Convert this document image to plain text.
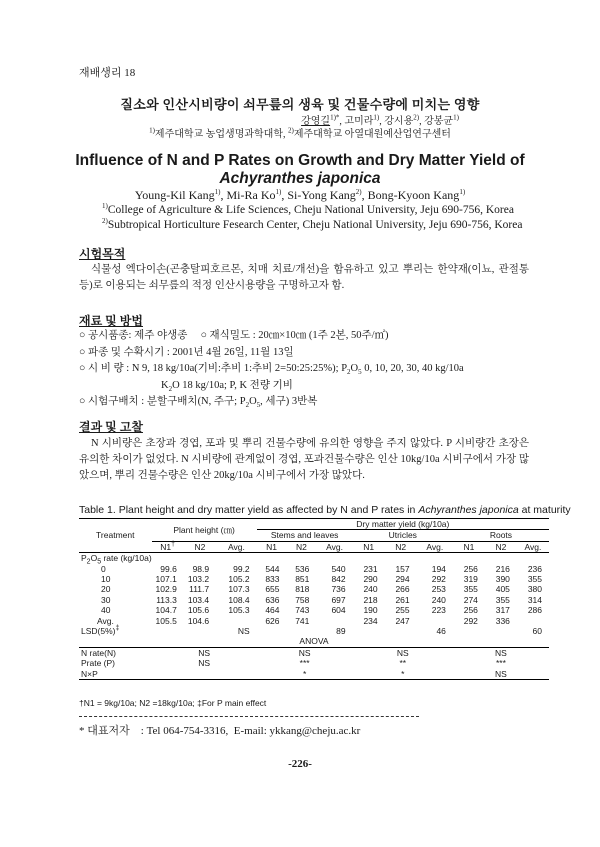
재배생리 18
질소와 인산시비량이 쇠무릎의 생육 및 건물수량에 미치는 영향
강영길$^{1)*}$, 고미라$^{1)}$, 강시용$^{2)}$, 강봉균$^{1)}$
$^{1)}$제주대학교 농업생명과학대학, $^{2)}$제주대학교 아열대원예산업연구센터
Influence of N and P Rates on Growth and Dry Matter Yield of
Achyranthes japonica
Young-Kil Kang$^{1)}$, Mi-Ra Ko$^{1)}$, Si-Yong Kang$^{2)}$, Bong-Kyoon Kang$^{1)}$
$^{1)}$College of Agriculture & Life Sciences, Cheju National University, Jeju 690-756, Korea
$^{2)}$Subtropical Horticulture Fesearch Center, Cheju National University, Jeju 690-756, Korea
시험목적
식물성 엑다이손(곤충탈피호르몬, 치매 치료/개선)을 함유하고 있고 뿌리는 한약재(이뇨, 관절통 등)로 이용되는 쇠무릎의 적정 인산시용량을 구명하고자 함.
재료 및 방법
○ 공시품종: 제주 야생종 ○ 재식밀도 : 20㎝×10㎝ (1주 2본, 50주/㎡)
○ 파종 및 수확시기 : 2001년 4월 26일, 11월 13일
○ 시 비 량 : N 9, 18 kg/10a(기비:추비 1:추비 2=50:25:25%); $P_2O_5$ 0, 10, 20, 30, 40 kg/10a
$K_2O$ 18 kg/10a; P, K 전량 기비
○ 시험구배치 : 분할구배치(N, 주구; $P_2O_5$, 세구) 3반복
결과 및 고찰
N 시비량은 초장과 경엽, 포과 및 뿌리 건물수량에 유의한 영향을 주지 않았다. P 시비량간 초장은 유의한 차이가 없었다. N 시비량에 관계없이 경엽, 포과건물수량은 인산 10kg/10a 시비구에서 가장 많았으며, 뿌리 건물수량은 인산 20kg/10a 시비구에서 가장 많았다.
Table 1. Plant height and dry matter yield as affected by N and P rates in Achyranthes japonica at maturity
Treatment	Plant height (㎝)			Dry matter yield (kg/10a)								
				Stems and leaves			Utricles			Roots		
	N1†	N2	Avg.	N1	N2	Avg.	N1	N2	Avg.	N1	N2	Avg.
$P_2O_5$ rate (kg/10a)												
0	99.6	98.9	99.2	544	536	540	231	157	194	256	216	236
10	107.1	103.2	105.2	833	851	842	290	294	292	319	390	355
20	102.9	111.7	107.3	655	818	736	240	266	253	355	405	380
30	113.3	103.4	108.4	636	758	697	218	261	240	274	355	314
40	104.7	105.6	105.3	464	743	604	190	255	223	256	317	286
Avg.	105.5	104.6		626	741		234	247		292	336	
LSD(5%)‡			NS			89			46			60
ANOVA												
N rate(N)	NS			NS			NS			NS		
Prate (P)	NS			***			**			***		
N×P				*			*			NS		
†N1 = 9kg/10a; N2 =18kg/10a; ‡For P main effect
* 대표저자 : Tel 064-754-3316, E-mail: ykkang@cheju.ac.kr
-226-
